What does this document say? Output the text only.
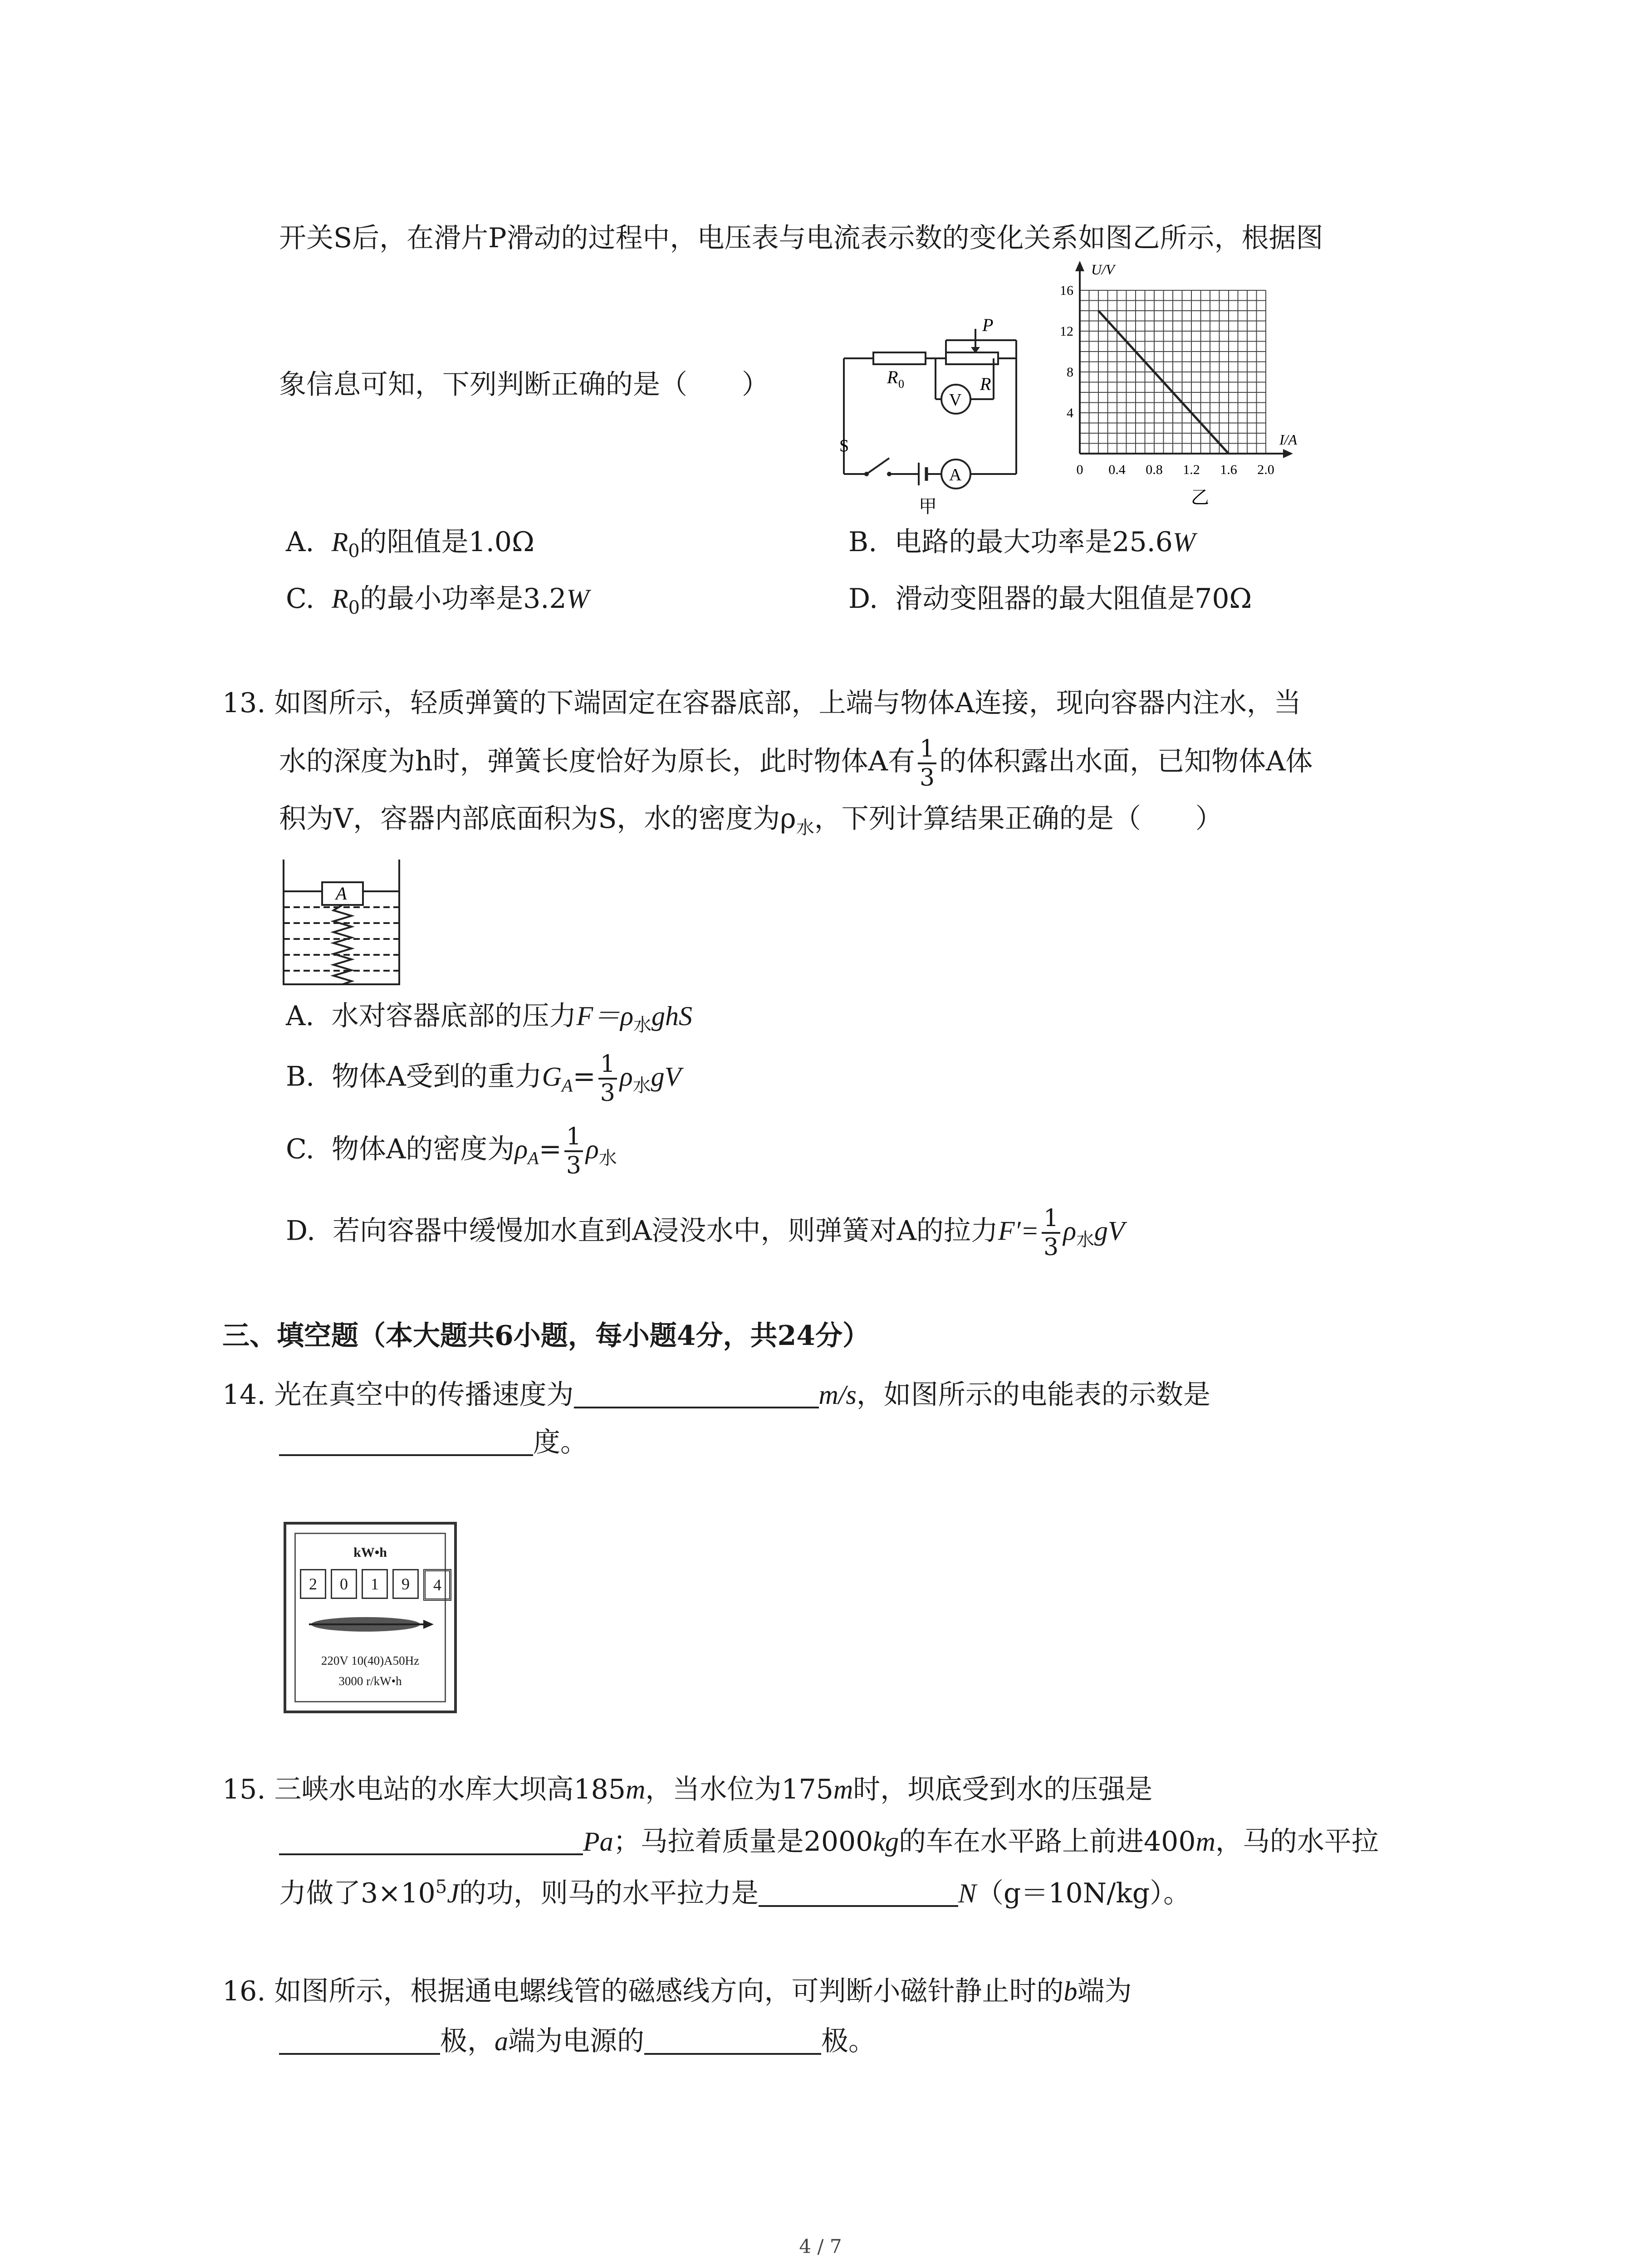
开关S后，在滑片P滑动的过程中，电压表与电流表示数的变化关系如图乙所示，根据图
象信息可知，下列判断正确的是（　　）	R 0
P
R
V
A
S
甲
0 0.4 0.8 1.2 1.6 2.0
4
8
12
16
U/V
I/A
乙
A. $R_0$的阻值是1.0Ω	B. 电路的最大功率是25.6W
C. $R_0$的最小功率是3.2W	D. 滑动变阻器的最大阻值是70Ω
13. 如图所示，轻质弹簧的下端固定在容器底部，上端与物体A连接，现向容器内注水，当
水的深度为h时，弹簧长度恰好为原长，此时物体A有 $\frac{1}{3}$ 的体积露出水面，已知物体A体
积为V，容器内部底面积为S，水的密度为$\rho_水$，下列计算结果正确的是（　　）
A
A. 水对容器底部的压力$F=\rho_水ghS$
B. 物体A受到的重力$G_A= \frac{1}{3} \rho_水gV$
C. 物体A的密度为$\rho_A= \frac{1}{3} \rho_水$
D. 若向容器中缓慢加水直到A浸没水中，则弹簧对A的拉力$F'= \frac{1}{3} \rho_水gV$
三、填空题（本大题共6小题，每小题4分，共24分）
14. 光在真空中的传播速度为	m/s，如图所示的电能表的示数是
度。
kW•h
2	0	1	9	4
220V 10(40)A50Hz
3000 r/kW•h
15. 三峡水电站的水库大坝高185m，当水位为175m时，坝底受到水的压强是
Pa；马拉着质量是2000kg的车在水平路上前进400m，马的水平拉
力做了$3\times 10^5J$的功，则马的水平拉力是	N（g＝10N/kg）。
16. 如图所示，根据通电螺线管的磁感线方向，可判断小磁针静止时的b端为
极，a端为电源的	极。
4 / 7
